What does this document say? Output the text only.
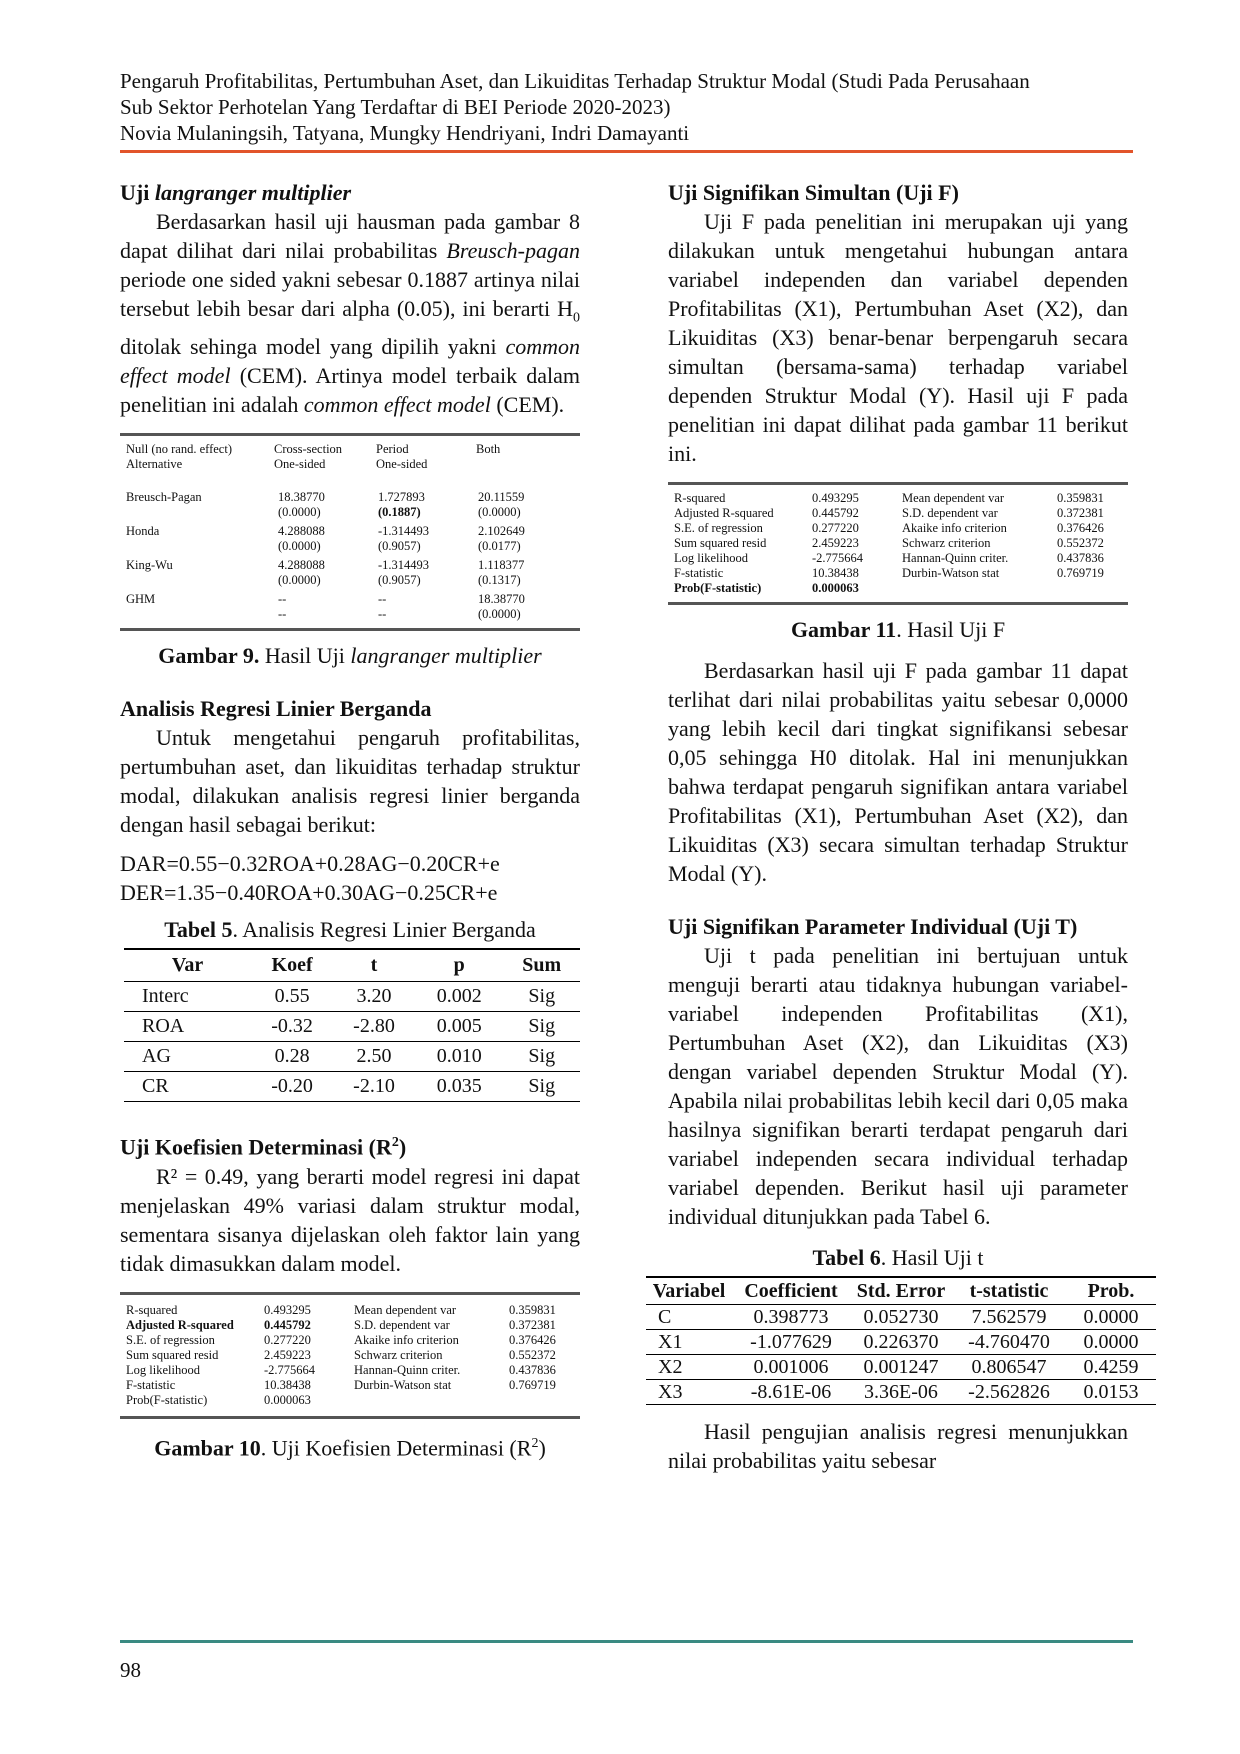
Pengaruh Profitabilitas, Pertumbuhan Aset, dan Likuiditas Terhadap Struktur Modal (Studi Pada Perusahaan
Sub Sektor Perhotelan Yang Terdaftar di BEI Periode 2020-2023)
Novia Mulaningsih, Tatyana, Mungky Hendriyani, Indri Damayanti

Uji langranger multiplier

Berdasarkan hasil uji hausman pada gambar 8 dapat dilihat dari nilai probabilitas Breusch-pagan periode one sided yakni sebesar 0.1887 artinya nilai tersebut lebih besar dari alpha (0.05), ini berarti $H_0$ ditolak sehinga model yang dipilih yakni common effect model (CEM). Artinya model terbaik dalam penelitian ini adalah common effect model (CEM).

Null (no rand. effect)	Cross-section	Period	Both
Alternative	One-sided	One-sided	

Breusch-Pagan	18.38770	1.727893	20.11559
	(0.0000)	(0.1887)	(0.0000)
Honda	4.288088	-1.314493	2.102649
	(0.0000)	(0.9057)	(0.0177)
King-Wu	4.288088	-1.314493	1.118377
	(0.0000)	(0.9057)	(0.1317)
GHM	--	--	18.38770
	--	--	(0.0000)

Gambar 9. Hasil Uji langranger multiplier

Analisis Regresi Linier Berganda

Untuk mengetahui pengaruh profitabilitas, pertumbuhan aset, dan likuiditas terhadap struktur modal, dilakukan analisis regresi linier berganda dengan hasil sebagai berikut:

DAR=0.55−0.32ROA+0.28AG−0.20CR+e

DER=1.35−0.40ROA+0.30AG−0.25CR+e

Tabel 5. Analisis Regresi Linier Berganda

Var	Koef	t	p	Sum
Interc	0.55	3.20	0.002	Sig
ROA	-0.32	-2.80	0.005	Sig
AG	0.28	2.50	0.010	Sig
CR	-0.20	-2.10	0.035	Sig

Uji Koefisien Determinasi $(R^2)$

R² = 0.49, yang berarti model regresi ini dapat menjelaskan 49% variasi dalam struktur modal, sementara sisanya dijelaskan oleh faktor lain yang tidak dimasukkan dalam model.

R-squared	0.493295	Mean dependent var	0.359831
Adjusted R-squared	0.445792	S.D. dependent var	0.372381
S.E. of regression	0.277220	Akaike info criterion	0.376426
Sum squared resid	2.459223	Schwarz criterion	0.552372
Log likelihood	-2.775664	Hannan-Quinn criter.	0.437836
F-statistic	10.38438	Durbin-Watson stat	0.769719
Prob(F-statistic)	0.000063		

Gambar 10. Uji Koefisien Determinasi $(R^2)$

Uji Signifikan Simultan (Uji F)

Uji F pada penelitian ini merupakan uji yang dilakukan untuk mengetahui hubungan antara variabel independen dan variabel dependen Profitabilitas (X1), Pertumbuhan Aset (X2), dan Likuiditas (X3) benar-benar berpengaruh secara simultan (bersama-sama) terhadap variabel dependen Struktur Modal (Y). Hasil uji F pada penelitian ini dapat dilihat pada gambar 11 berikut ini.

R-squared	0.493295	Mean dependent var	0.359831
Adjusted R-squared	0.445792	S.D. dependent var	0.372381
S.E. of regression	0.277220	Akaike info criterion	0.376426
Sum squared resid	2.459223	Schwarz criterion	0.552372
Log likelihood	-2.775664	Hannan-Quinn criter.	0.437836
F-statistic	10.38438	Durbin-Watson stat	0.769719
Prob(F-statistic)	0.000063		

Gambar 11. Hasil Uji F

Berdasarkan hasil uji F pada gambar 11 dapat terlihat dari nilai probabilitas yaitu sebesar 0,0000 yang lebih kecil dari tingkat signifikansi sebesar 0,05 sehingga H0 ditolak. Hal ini menunjukkan bahwa terdapat pengaruh signifikan antara variabel Profitabilitas (X1), Pertumbuhan Aset (X2), dan Likuiditas (X3) secara simultan terhadap Struktur Modal (Y).

Uji Signifikan Parameter Individual (Uji T)

Uji t pada penelitian ini bertujuan untuk menguji berarti atau tidaknya hubungan variabel-variabel independen Profitabilitas (X1), Pertumbuhan Aset (X2), dan Likuiditas (X3) dengan variabel dependen Struktur Modal (Y). Apabila nilai probabilitas lebih kecil dari 0,05 maka hasilnya signifikan berarti terdapat pengaruh dari variabel independen secara individual terhadap variabel dependen. Berikut hasil uji parameter individual ditunjukkan pada Tabel 6.

Tabel 6. Hasil Uji t

Variabel	Coefficient	Std. Error	t-statistic	Prob.
C	0.398773	0.052730	7.562579	0.0000
X1	-1.077629	0.226370	-4.760470	0.0000
X2	0.001006	0.001247	0.806547	0.4259
X3	-8.61E-06	3.36E-06	-2.562826	0.0153

Hasil pengujian analisis regresi menunjukkan nilai probabilitas yaitu sebesar

98
